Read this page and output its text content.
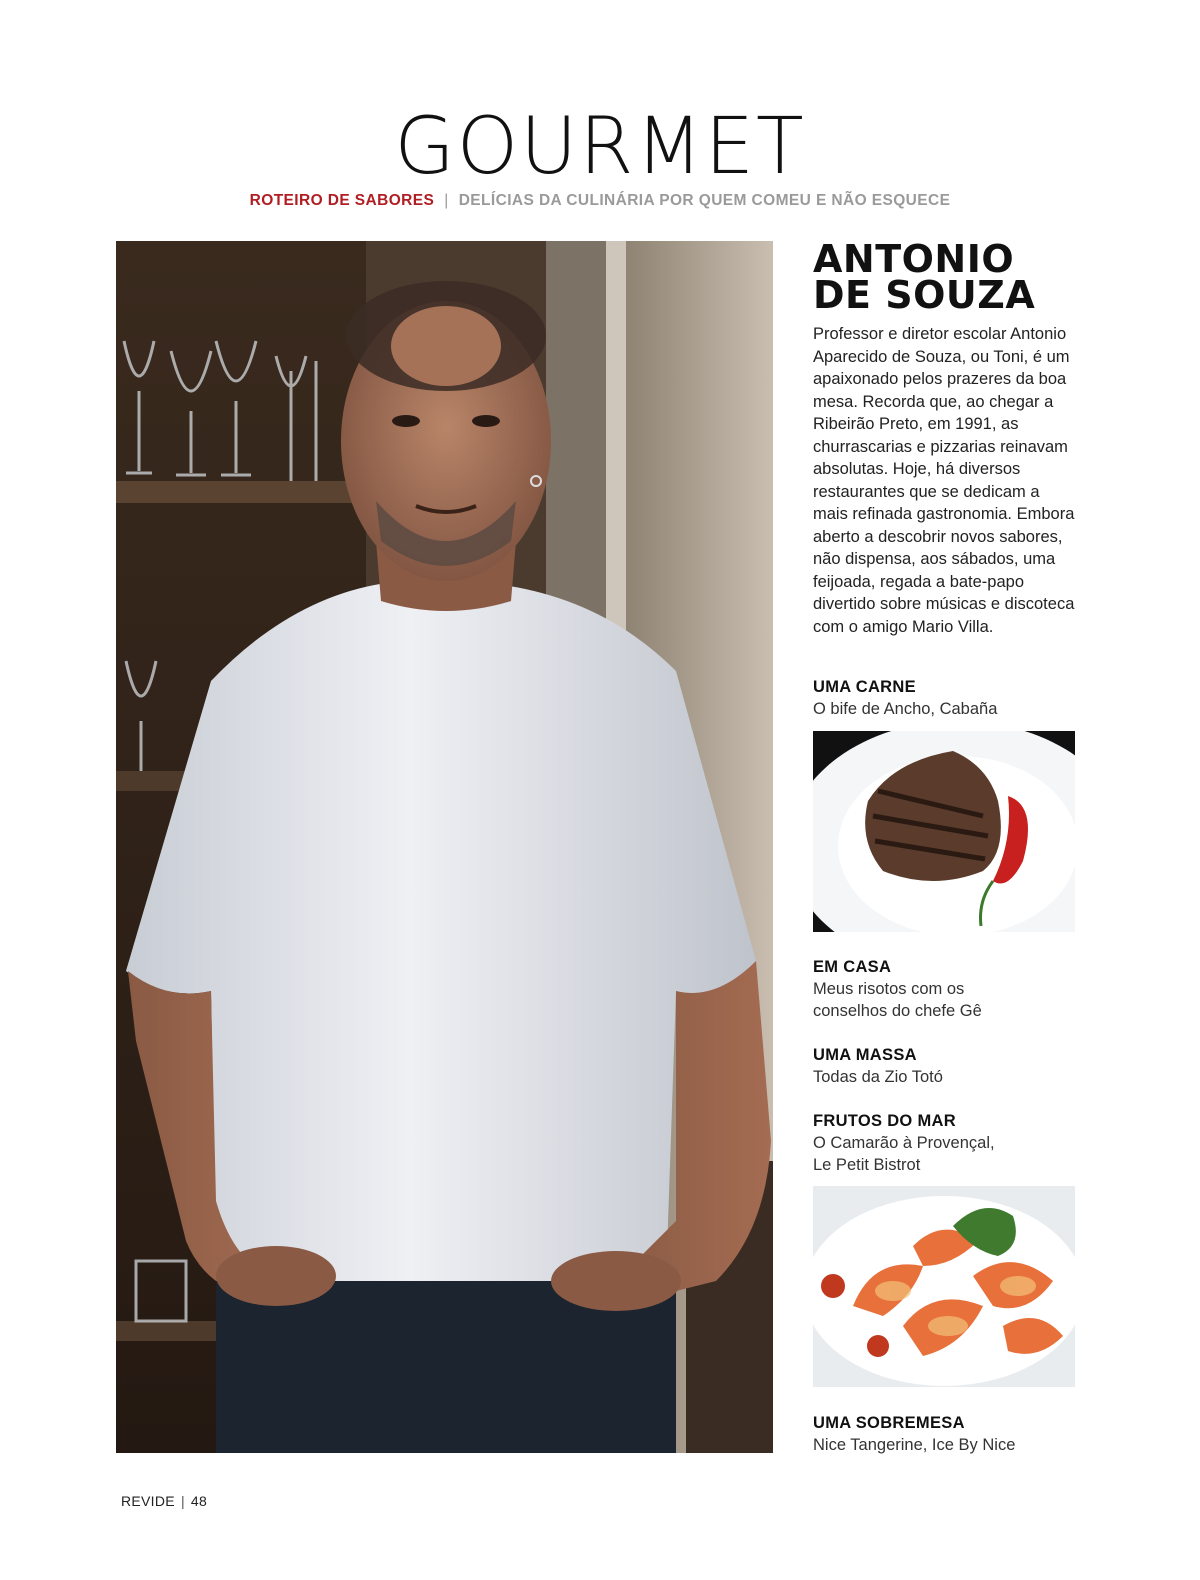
GOURMET
ROTEIRO DE SABORES | DELÍCIAS DA CULINÁRIA POR QUEM COMEU E NÃO ESQUECE
ANTONIO
DE SOUZA
Professor e diretor escolar Antonio Aparecido de Souza, ou Toni, é um apaixonado pelos prazeres da boa mesa. Recorda que, ao chegar a Ribeirão Preto, em 1991, as churrascarias e pizzarias reinavam absolutas. Hoje, há diversos restaurantes que se dedicam a mais refinada gastronomia. Embora aberto a descobrir novos sabores, não dispensa, aos sábados, uma feijoada, regada a bate-papo divertido sobre músicas e discoteca com o amigo Mario Villa.
UMA CARNE
O bife de Ancho, Cabaña
EM CASA
Meus risotos com os
conselhos do chefe Gê
UMA MASSA
Todas da Zio Totó
FRUTOS DO MAR
O Camarão à Provençal,
Le Petit Bistrot
UMA SOBREMESA
Nice Tangerine, Ice By Nice
REVIDE | 48
